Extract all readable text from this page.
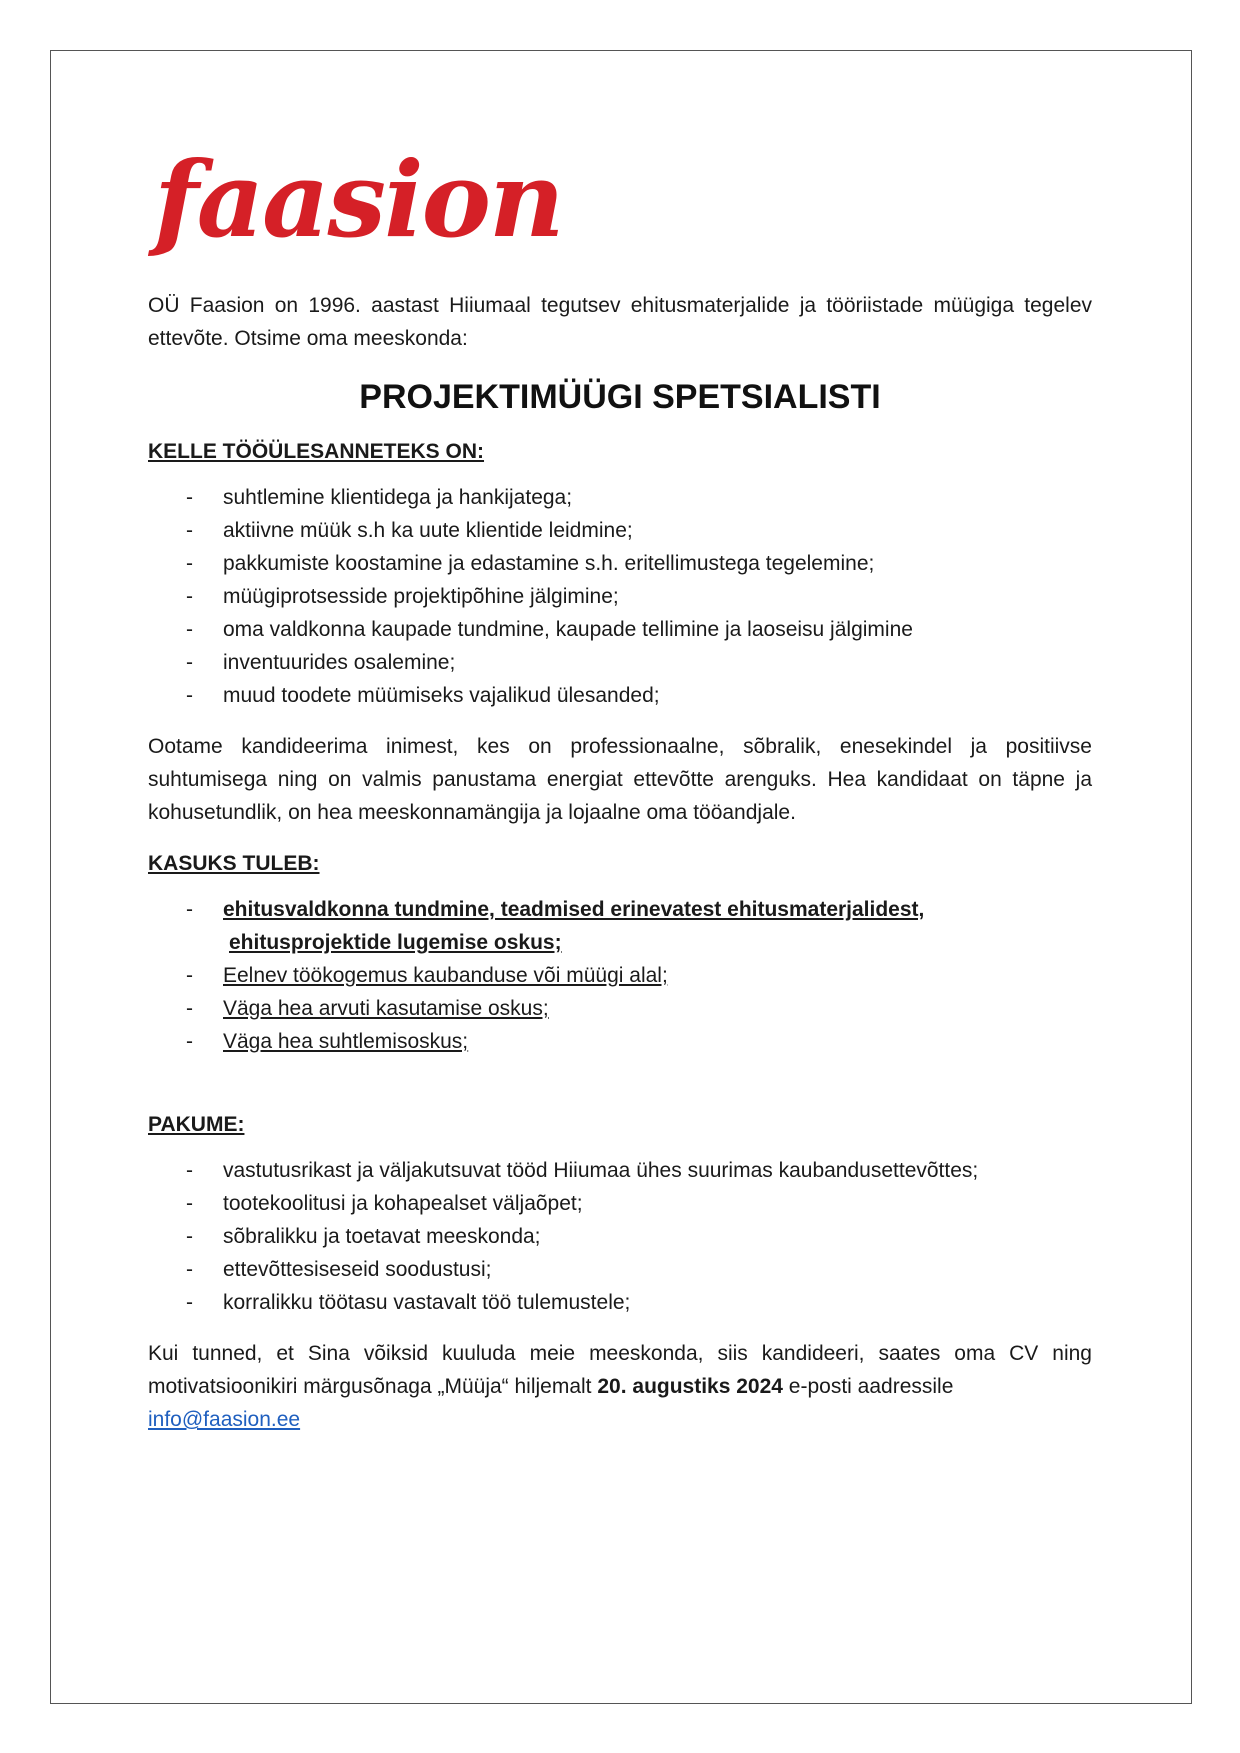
faasion

OÜ Faasion on 1996. aastast Hiiumaal tegutsev ehitusmaterjalide ja tööriistade müügiga tegelev ettevõte. Otsime oma meeskonda:

PROJEKTIMÜÜGI SPETSIALISTI

KELLE TÖÖÜLESANNETEKS ON:

- suhtlemine klientidega ja hankijatega;
- aktiivne müük s.h ka uute klientide leidmine;
- pakkumiste koostamine ja edastamine s.h. eritellimustega tegelemine;
- müügiprotsesside projektipõhine jälgimine;
- oma valdkonna kaupade tundmine, kaupade tellimine ja laoseisu jälgimine
- inventuurides osalemine;
- muud toodete müümiseks vajalikud ülesanded;

Ootame kandideerima inimest, kes on professionaalne, sõbralik, enesekindel ja positiivse suhtumisega ning on valmis panustama energiat ettevõtte arenguks. Hea kandidaat on täpne ja kohusetundlik, on hea meeskonnamängija ja lojaalne oma tööandjale.

KASUKS TULEB:

- ehitusvaldkonna tundmine, teadmised erinevatest ehitusmaterjalidest,
ehitusprojektide lugemise oskus;
- Eelnev töökogemus kaubanduse või müügi alal;
- Väga hea arvuti kasutamise oskus;
- Väga hea suhtlemisoskus;

PAKUME:

- vastutusrikast ja väljakutsuvat tööd Hiiumaa ühes suurimas kaubandusettevõttes;
- tootekoolitusi ja kohapealset väljaõpet;
- sõbralikku ja toetavat meeskonda;
- ettevõttesiseseid soodustusi;
- korralikku töötasu vastavalt töö tulemustele;

Kui tunned, et Sina võiksid kuuluda meie meeskonda, siis kandideeri, saates oma CV ning motivatsioonikiri märgusõnaga „Müüja“ hiljemalt 20. augustiks 2024 e-posti aadressile
info@faasion.ee
